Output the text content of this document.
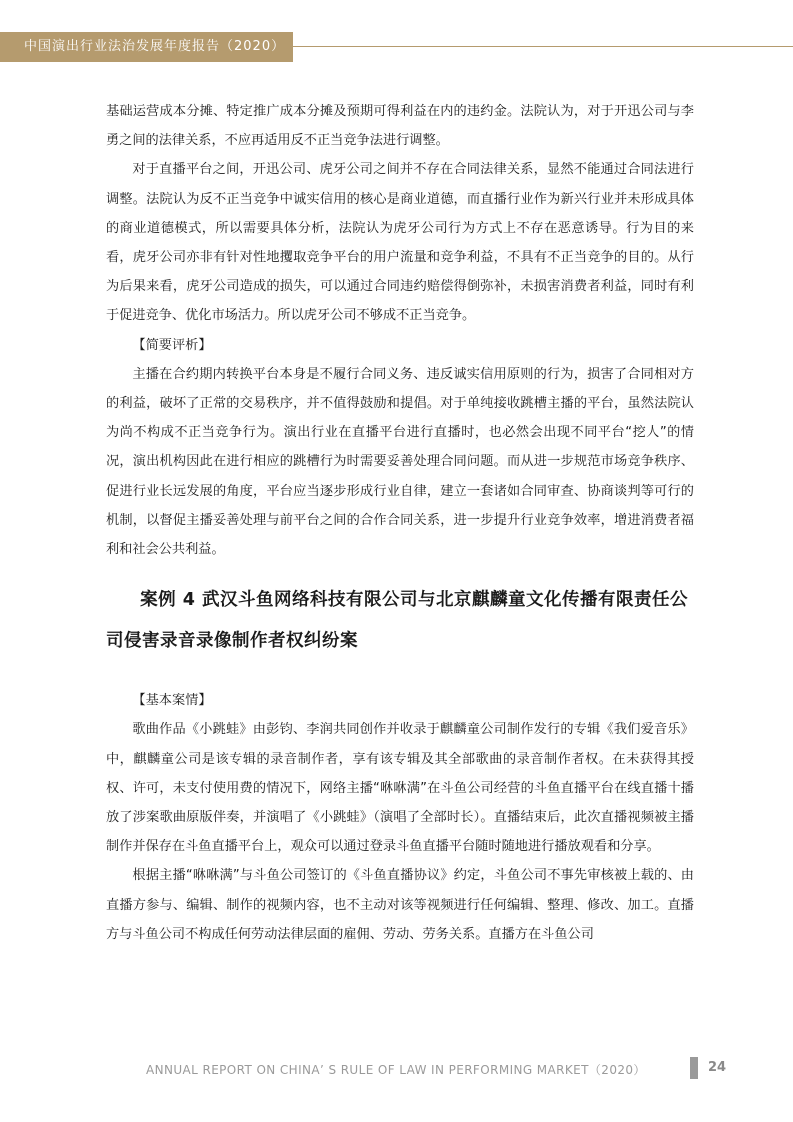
中国演出行业法治发展年度报告（2020）

基础运营成本分摊、特定推广成本分摊及预期可得利益在内的违约金。法院认为，对于开迅公司与李勇之间的法律关系，不应再适用反不正当竞争法进行调整。

对于直播平台之间，开迅公司、虎牙公司之间并不存在合同法律关系，显然不能通过合同法进行调整。法院认为反不正当竞争中诚实信用的核心是商业道德，而直播行业作为新兴行业并未形成具体的商业道德模式，所以需要具体分析，法院认为虎牙公司行为方式上不存在恶意诱导。行为目的来看，虎牙公司亦非有针对性地攫取竞争平台的用户流量和竞争利益，不具有不正当竞争的目的。从行为后果来看，虎牙公司造成的损失，可以通过合同违约赔偿得倒弥补，未损害消费者利益，同时有利于促进竞争、优化市场活力。所以虎牙公司不够成不正当竞争。

【简要评析】

主播在合约期内转换平台本身是不履行合同义务、违反诚实信用原则的行为，损害了合同相对方的利益，破坏了正常的交易秩序，并不值得鼓励和提倡。对于单纯接收跳槽主播的平台，虽然法院认为尚不构成不正当竞争行为。演出行业在直播平台进行直播时，也必然会出现不同平台“挖人”的情况，演出机构因此在进行相应的跳槽行为时需要妥善处理合同问题。而从进一步规范市场竞争秩序、促进行业长远发展的角度，平台应当逐步形成行业自律，建立一套诸如合同审查、协商谈判等可行的机制，以督促主播妥善处理与前平台之间的合作合同关系，进一步提升行业竞争效率，增进消费者福利和社会公共利益。

案例 4 武汉斗鱼网络科技有限公司与北京麒麟童文化传播有限责任公司侵害录音录像制作者权纠纷案

【基本案情】

歌曲作品《小跳蛙》由彭钧、李润共同创作并收录于麒麟童公司制作发行的专辑《我们爱音乐》中，麒麟童公司是该专辑的录音制作者，享有该专辑及其全部歌曲的录音制作者权。在未获得其授权、许可，未支付使用费的情况下，网络主播“咻咻满”在斗鱼公司经营的斗鱼直播平台在线直播十播放了涉案歌曲原版伴奏，并演唱了《小跳蛙》（演唱了全部时长）。直播结束后，此次直播视频被主播制作并保存在斗鱼直播平台上，观众可以通过登录斗鱼直播平台随时随地进行播放观看和分享。

根据主播“咻咻满”与斗鱼公司签订的《斗鱼直播协议》约定，斗鱼公司不事先审核被上载的、由直播方参与、编辑、制作的视频内容，也不主动对该等视频进行任何编辑、整理、修改、加工。直播方与斗鱼公司不构成任何劳动法律层面的雇佣、劳动、劳务关系。直播方在斗鱼公司

ANNUAL REPORT ON CHINA’ S RULE OF LAW IN PERFORMING MARKET（2020）	24
